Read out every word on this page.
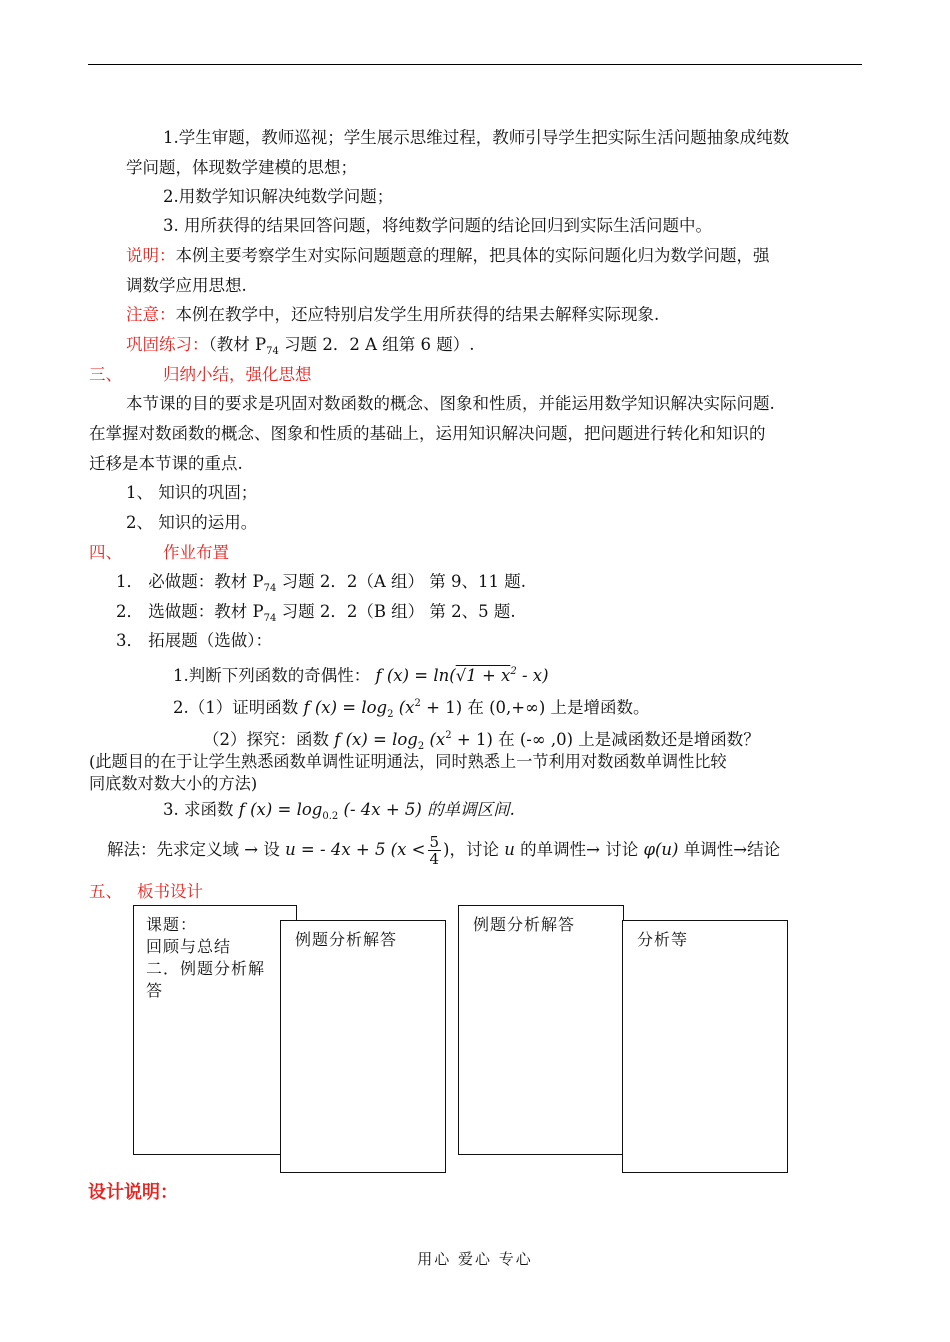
1.学生审题，教师巡视；学生展示思维过程，教师引导学生把实际生活问题抽象成纯数
学问题，体现数学建模的思想；
2.用数学知识解决纯数学问题；
3. 用所获得的结果回答问题，将纯数学问题的结论回归到实际生活问题中。
说明：本例主要考察学生对实际问题题意的理解，把具体的实际问题化归为数学问题，强
调数学应用思想.
注意：本例在教学中，还应特别启发学生用所获得的结果去解释实际现象.
巩固练习：（教材 $P_{74}$ 习题 2．2 A 组第 6 题）.
三、 归纳小结，强化思想
本节课的目的要求是巩固对数函数的概念、图象和性质，并能运用数学知识解决实际问题.
在掌握对数函数的概念、图象和性质的基础上，运用知识解决问题，把问题进行转化和知识的
迁移是本节课的重点.
1、 知识的巩固；
2、 知识的运用。
四、 作业布置
1． 必做题：教材 $P_{74}$ 习题 2．2（A 组） 第 9、11 题.
2． 选做题：教材 $P_{74}$ 习题 2．2（B 组） 第 2、5 题.
3． 拓展题（选做）：
1.判断下列函数的奇偶性： f $(x) = \ln(√1 + x^2 - x)$
2.（1）证明函数 f $(x) = \log_2 (x^2 + 1)$ 在 (0,+∞) 上是增函数。
（2）探究：函数 f $(x) = \log_2 (x^2 + 1)$ 在 (-∞ ,0) 上是减函数还是增函数？
(此题目的在于让学生熟悉函数单调性证明通法，同时熟悉上一节利用对数函数单调性比较
同底数对数大小的方法)
3. 求函数 f $(x) = \log_{0.2}$ (- 4x + 5) 的单调区间.
解法：先求定义域 → 设 u = - 4x + 5 ($x < \frac{5}{4}$ )，讨论 u 的单调性→ 讨论 φ(u) 单调性→结论
五、 板书设计
课题：
回顾与总结
二．例题分析解
答
例题分析解答
例题分析解答
分析等
设计说明：
用心 爱心 专心
